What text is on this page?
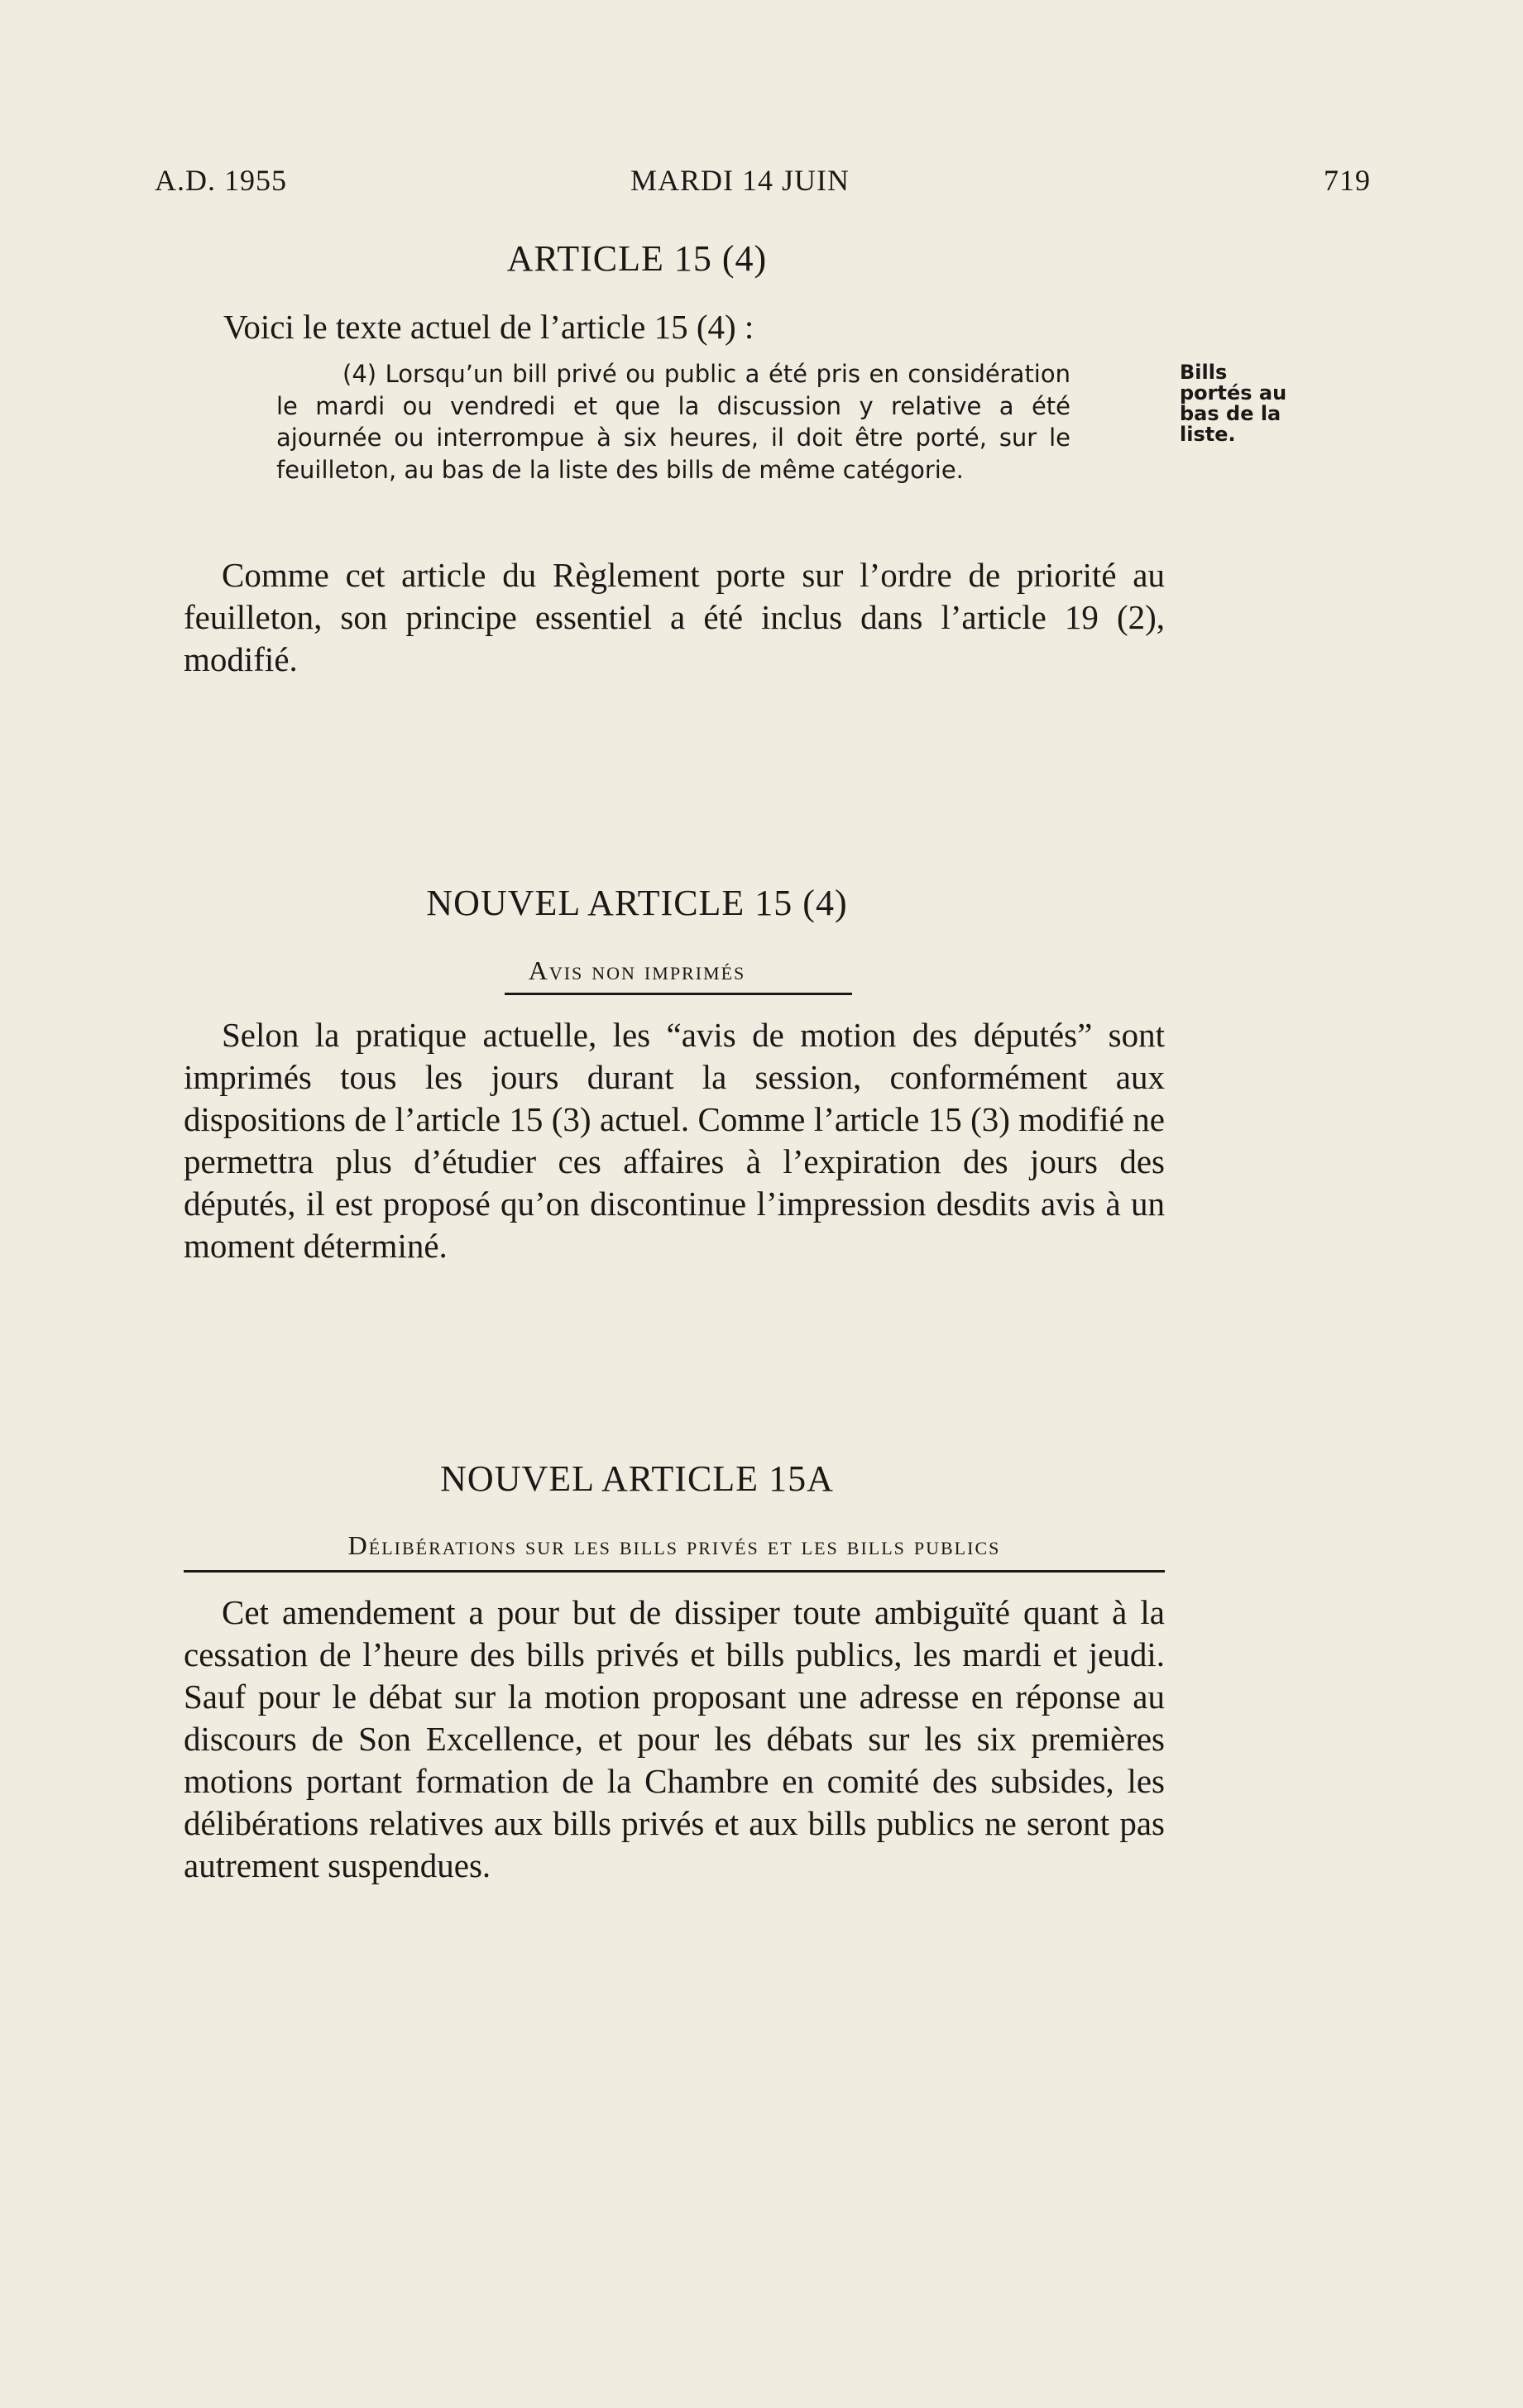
A.D. 1955	MARDI 14 JUIN	719
ARTICLE 15 (4)
Voici le texte actuel de l’article 15 (4) :
(4) Lorsqu’un bill privé ou public a été pris en considération le mardi ou vendredi et que la discussion y relative a été ajournée ou interrompue à six heures, il doit être porté, sur le feuilleton, au bas de la liste des bills de même catégorie.
Bills
portés au
bas de la
liste.
Comme cet article du Règlement porte sur l’ordre de priorité au feuilleton, son principe essentiel a été inclus dans l’article 19 (2), modifié.
NOUVEL ARTICLE 15 (4)
Avis non imprimés
Selon la pratique actuelle, les “avis de motion des députés” sont imprimés tous les jours durant la session, conformément aux dispositions de l’article 15 (3) actuel. Comme l’article 15 (3) modifié ne permettra plus d’étudier ces affaires à l’expiration des jours des députés, il est proposé qu’on discontinue l’impression desdits avis à un moment déterminé.
NOUVEL ARTICLE 15A
Délibérations sur les bills privés et les bills publics
Cet amendement a pour but de dissiper toute ambiguïté quant à la cessation de l’heure des bills privés et bills publics, les mardi et jeudi. Sauf pour le débat sur la motion proposant une adresse en réponse au discours de Son Excellence, et pour les débats sur les six premières motions portant formation de la Chambre en comité des subsides, les délibérations relatives aux bills privés et aux bills publics ne seront pas autrement suspendues.
